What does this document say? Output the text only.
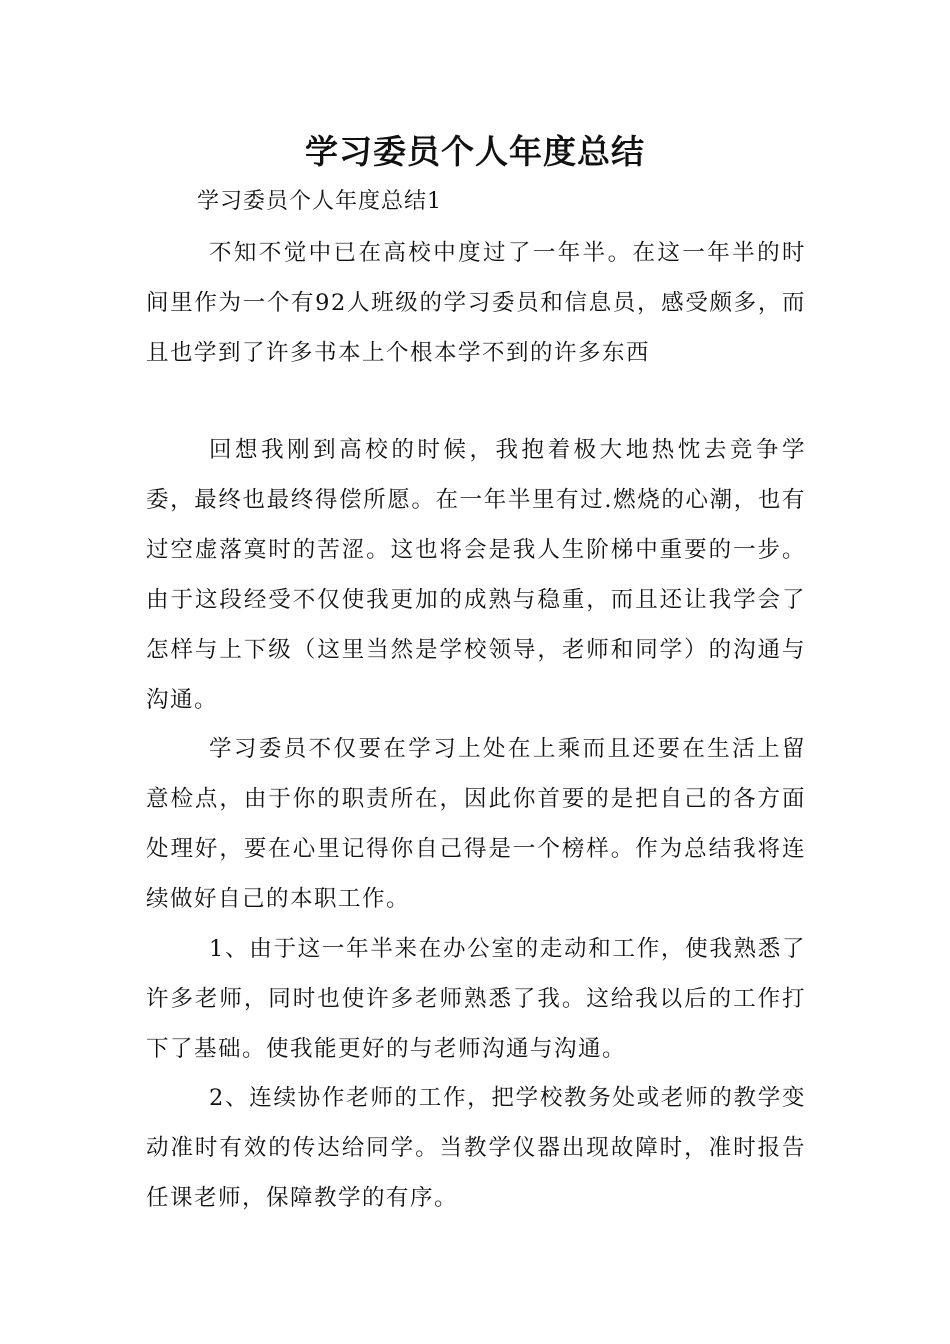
学习委员个人年度总结
学习委员个人年度总结1

不知不觉中已在高校中度过了一年半。在这一年半的时间里作为一个有92人班级的学习委员和信息员，感受颇多，而且也学到了许多书本上个根本学不到的许多东西

回想我刚到高校的时候，我抱着极大地热忱去竞争学委，最终也最终得偿所愿。在一年半里有过.燃烧的心潮，也有过空虚落寞时的苦涩。这也将会是我人生阶梯中重要的一步。由于这段经受不仅使我更加的成熟与稳重，而且还让我学会了怎样与上下级（这里当然是学校领导，老师和同学）的沟通与沟通。

学习委员不仅要在学习上处在上乘而且还要在生活上留意检点，由于你的职责所在，因此你首要的是把自己的各方面处理好，要在心里记得你自己得是一个榜样。作为总结我将连续做好自己的本职工作。

1、由于这一年半来在办公室的走动和工作，使我熟悉了许多老师，同时也使许多老师熟悉了我。这给我以后的工作打下了基础。使我能更好的与老师沟通与沟通。

2、连续协作老师的工作，把学校教务处或老师的教学变动准时有效的传达给同学。当教学仪器出现故障时，准时报告任课老师，保障教学的有序。
